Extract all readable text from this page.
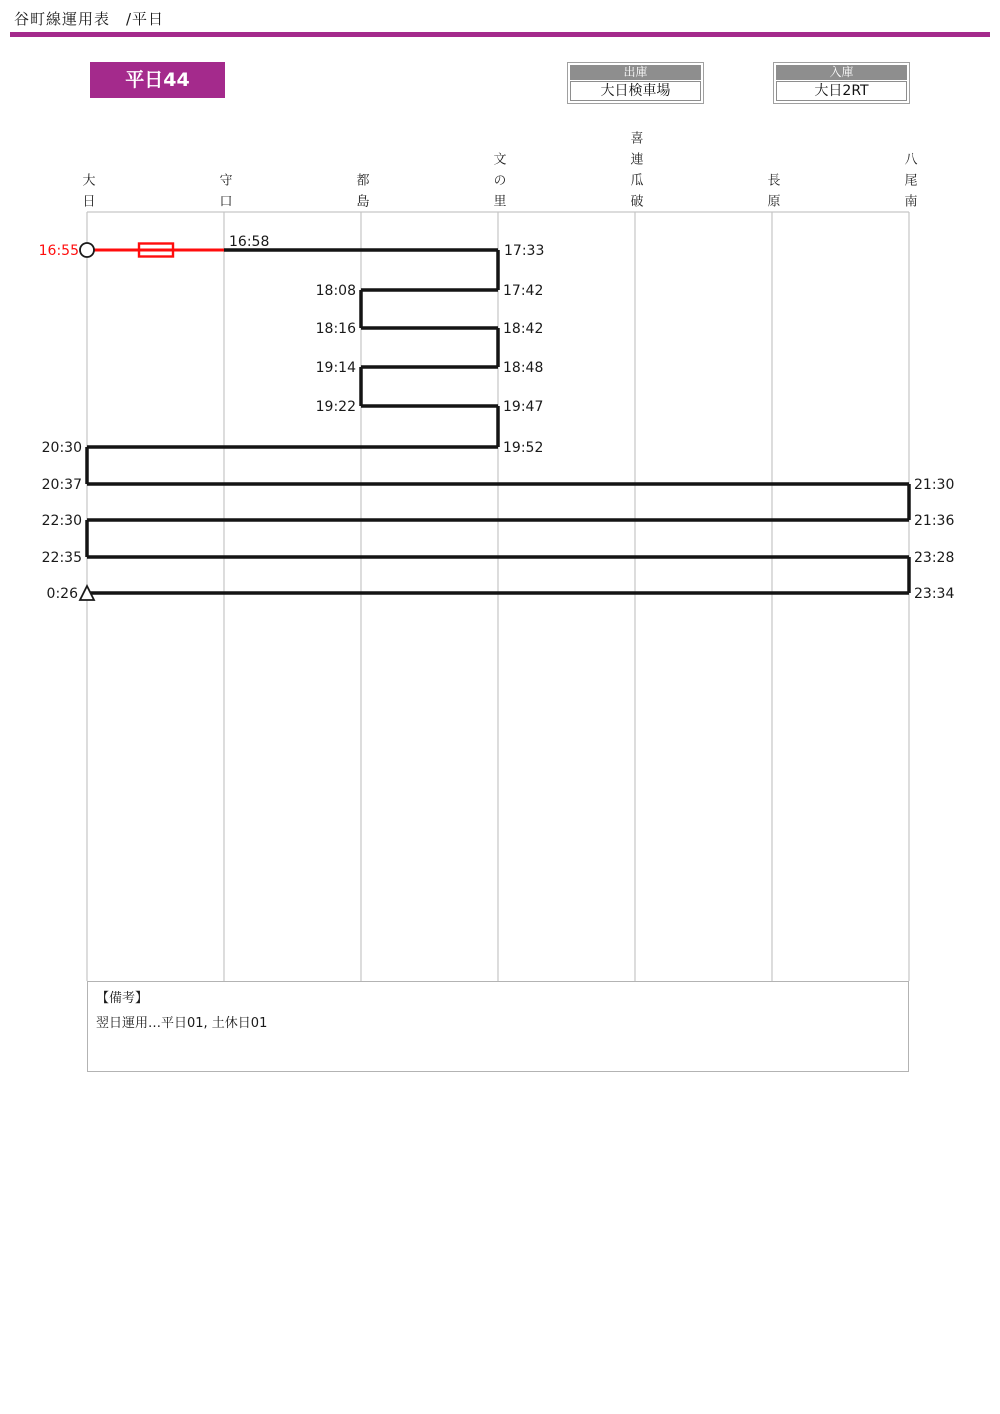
谷町線運用表　/平日
平日44	出庫
大日検車場
入庫
大日2RT
大日	守口	都島	文の里	喜連瓜破	長原	八尾南
16:55
16:58
17:33
18:08	17:42
18:16	18:42
19:14	18:48
19:22	19:47
20:30	19:52
20:37	21:30
22:30	21:36
22:35	23:28
0:26	23:34
【備考】
翌日運用…平日01, 土休日01
